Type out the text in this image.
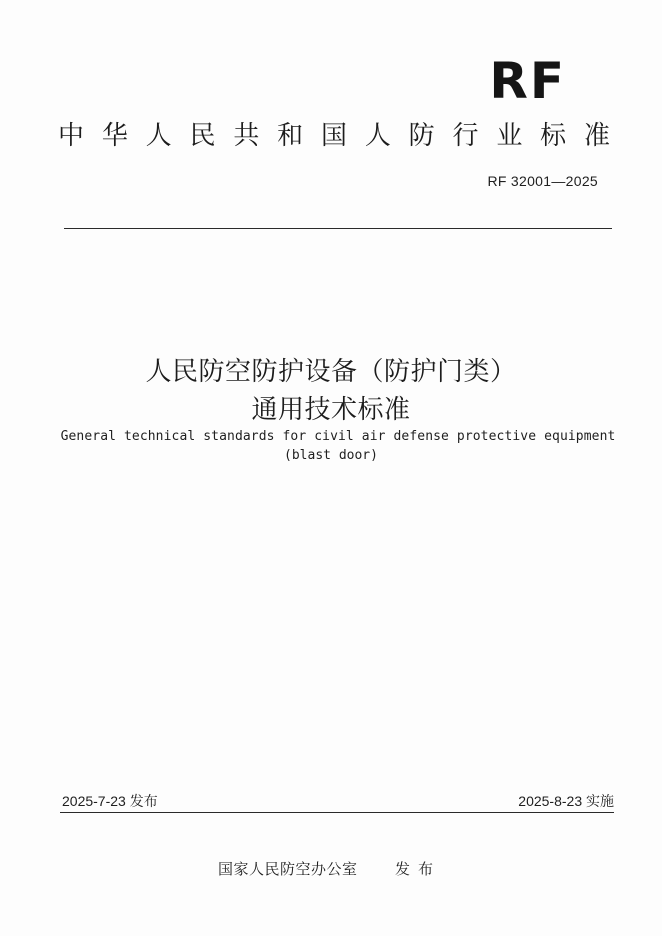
RF
中华人民共和国人防行业标准
RF 32001—2025
人民防空防护设备（防护门类）
通用技术标准
General technical standards for civil air defense protective equipment
(blast door)
2025-7-23 发布	2025-8-23 实施
国家人民防空办公室 发布
